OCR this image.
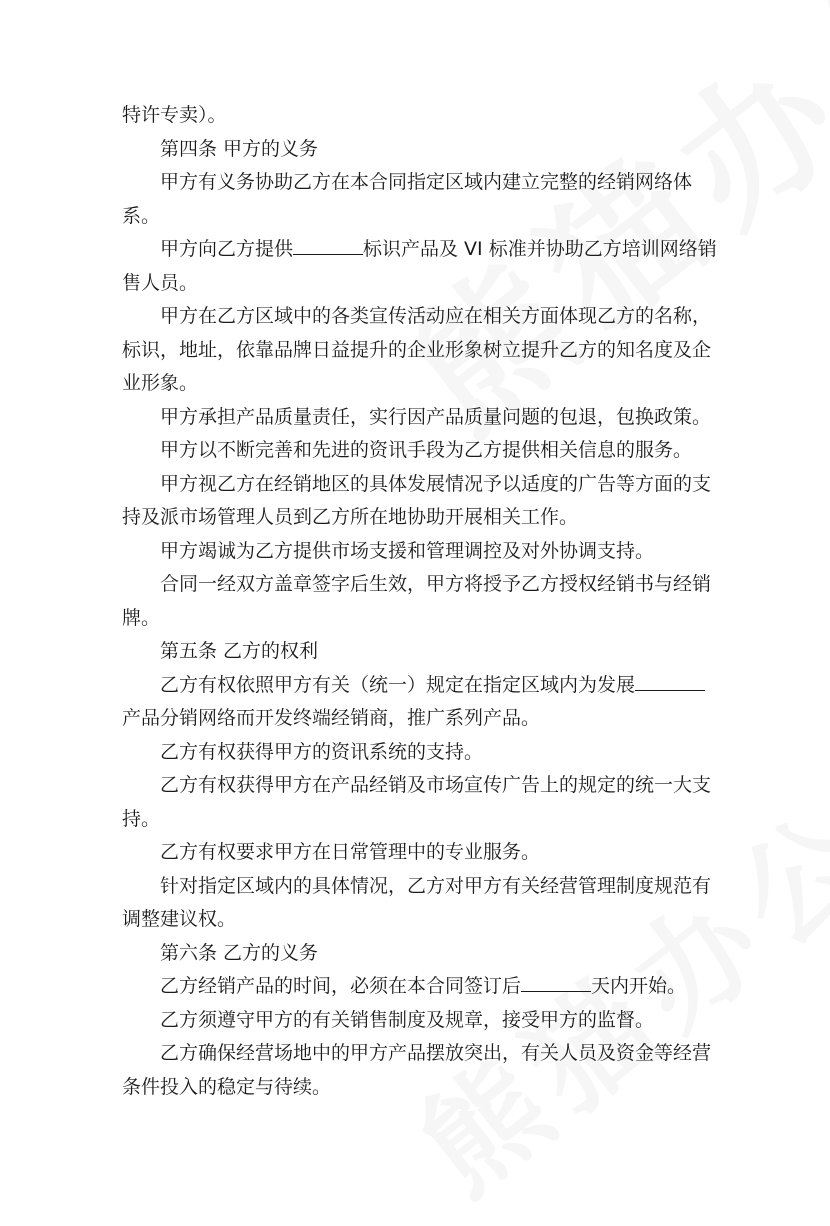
特许专卖）。

第四条 甲方的义务

甲方有义务协助乙方在本合同指定区域内建立完整的经销网络体系。

甲方向乙方提供	标识产品及 VI 标准并协助乙方培训网络销售人员。

甲方在乙方区域中的各类宣传活动应在相关方面体现乙方的名称，标识，地址，依靠品牌日益提升的企业形象树立提升乙方的知名度及企业形象。

甲方承担产品质量责任，实行因产品质量问题的包退，包换政策。

甲方以不断完善和先进的资讯手段为乙方提供相关信息的服务。

甲方视乙方在经销地区的具体发展情况予以适度的广告等方面的支持及派市场管理人员到乙方所在地协助开展相关工作。

甲方竭诚为乙方提供市场支援和管理调控及对外协调支持。

合同一经双方盖章签字后生效，甲方将授予乙方授权经销书与经销牌。

第五条 乙方的权利

乙方有权依照甲方有关（统一）规定在指定区域内为发展产品分销网络而开发终端经销商，推广系列产品。

乙方有权获得甲方的资讯系统的支持。

乙方有权获得甲方在产品经销及市场宣传广告上的规定的统一大支持。

乙方有权要求甲方在日常管理中的专业服务。

针对指定区域内的具体情况，乙方对甲方有关经营管理制度规范有调整建议权。

第六条 乙方的义务

乙方经销产品的时间，必须在本合同签订后	天内开始。

乙方须遵守甲方的有关销售制度及规章，接受甲方的监督。

乙方确保经营场地中的甲方产品摆放突出，有关人员及资金等经营条件投入的稳定与待续。
